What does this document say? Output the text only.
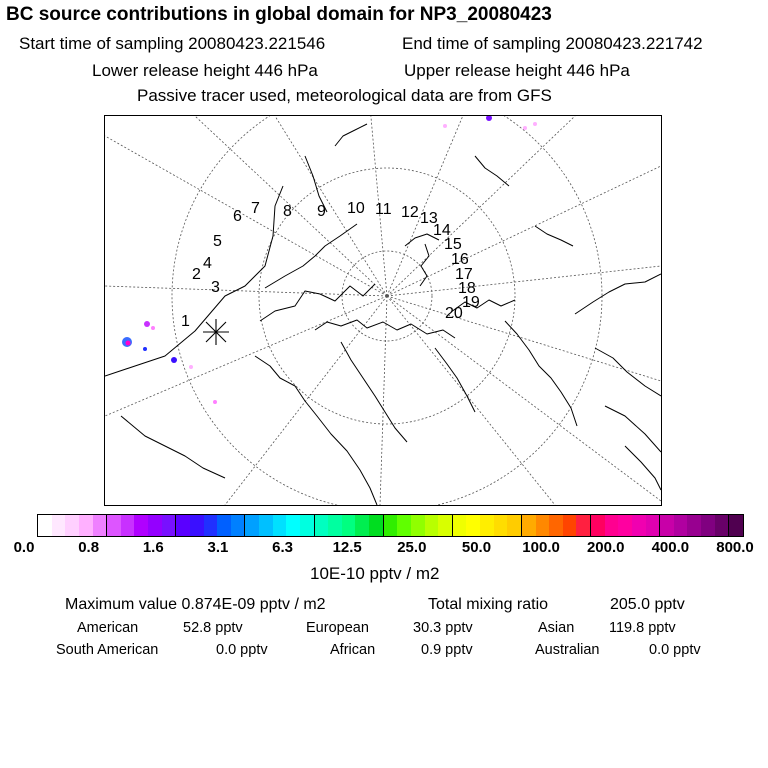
BC source contributions in global domain for NP3_20080423
Start time of sampling 20080423.221546	End time of sampling 20080423.221742
Lower release height 446 hPa	Upper release height 446 hPa
Passive tracer used, meteorological data are from GFS
1
2
3
4
5
6 7 8 9 10 11 12 13
14
15
16
17
18
19
20
0.0	0.8	1.6	3.1	6.3	12.5 25.0 50.0 100.0 200.0 400.0 800.0
10E-10 pptv / m2
Maximum value 0.874E-09 pptv / m2	Total mixing ratio	205.0 pptv
American	52.8 pptv	European	30.3 pptv	Asian 119.8 pptv
South American	0.0 pptv	African	0.9 pptv	Australian	0.0 pptv
